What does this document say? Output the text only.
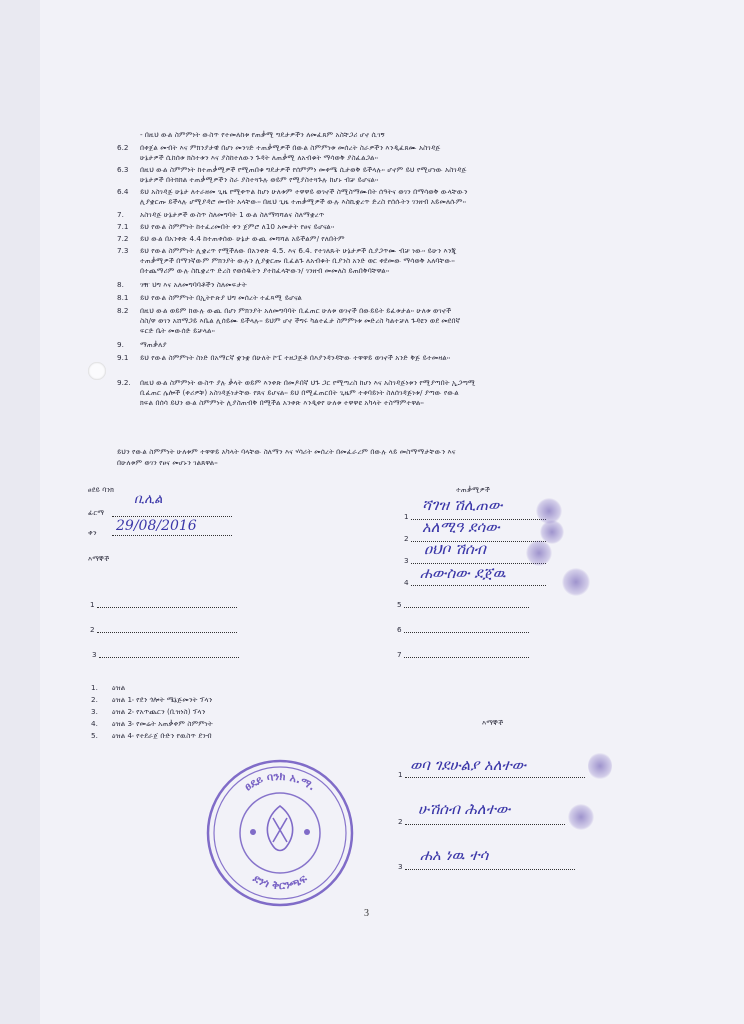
- በዚህ ውል ስምምነት ውስጥ የተመለከቱ የጠቃሚ ግዴታዎችን ለመፈጸም አስቸጋሪ ሆኖ ሲገኝ
6.2 በቀጀል መብት እና ምክንያታዊ በሆነ መንገድ ተጠቃሚዎች በውል ስምምነቱ መሰረት ስራዎችን እንዲፈጸሙ አስገዳጅ
ሁኔታዎች ሲከሰቱ ክስተቱን እና ያስከተለውን ጉዳት ለጠቃሚ ለአብቁት ማሳወቅ ያስፈልጋል፡፡
6.3 በዚህ ውል ስምምነት ከተጠቃሚዎች የሚጠበቁ ግዴታዎች የሰምምነ መቀሜ ሲታወቅ ይችላሉ፡፡ ሆኖም ይህ የሚሆነው አስገዳጅ
ሁኔታዎች በትክክል ተጠቃሚዎችን ስራ ያስተጓጉሉ ወይም የሚያስተጓጉሉ ከሆኑ ብቻ ይሆናል፡፡
6.4 ይህ አስገዳጅ ሁኔታ ለተራዘመ ጊዜ የሚቀጥል ከሆነ ሁለቱም ተዋዋይ ወገኖች ስሚስማሙበት ሰዓትና ወገን በማሳወቅ ውላቸውን
ሊያቋርጡ ይችላሉ ሆሚያዳሮ መብት አላቸው፡፡ በዚህ ጊዜ ተጠቃሚዎች ውሉ እስኪቋረጥ ድረስ የሰሱትን ገንዘብ አይመለሱም፡፡
7. አስገዳጅ ሁኔታዎች ውስጥ ስለመግባት 1 ውል ስለማሻሻልና ስለማቋረጥ
7.1 ይህ የውል ስምምነት ከተፈረመበት ቀን ጀምሮ ለ10 አመታት የፀና ይሆናል፡፡
7.2 ይህ ውል በአንቀጽ 4.4 ከተጠቀሰው ሁኔታ ውጪ መሻሻል አይችልም/ የለበትም
7.3 ይህ የውል ስምምነት ሊቋረጥ የሚችለው በአንቀጽ 4.5. እና 6.4. የተገለጹት ሁኔታዎች ሲያጋጥሙ ብቻ ነው፡፡ ይሁን እንጂ
ተጠቃሚዎች በማንኛውም ምክንያት ውሉን ሊያቋርጡ ቢፈልጉ ለአብቁት ቢያንስ አንድ ወር ቀደመው ማሳወቅ አለባቸው፡፡
በተጨማሪም ውሉ ስኪቋረጥ ድረስ የወሰዱትን ያተከፈላቸውን/ ገንዘብ መመለስ ይጠበቅባቸዋል፡፡
8. ገዥ ህግ እና አለመግባባቶችን ስለመፍታት
8.1 ይህ የውል ስምምነት በኢትዮጵያ ህግ መሰረት ተፈጻሚ ይሆናል
8.2 በዚህ ውል ወይም ከውሉ ውጪ በሆነ ምክንያት አለመግባባት ቢፈጠር ሁለቱ ወገኖች በውይይት ይፈቱታል፡፡ ሁለቱ ወገኖች
ስስ/ዋ ወገን አሸማጋይ እቤል ሊሰይሙ ይችላሉ፡፡ ይህም ሆኖ ችግሩ ካልተፈታ ስምምነቱ መድረስ ካልተቻለ ጉዳዩን ወደ መደበኛ
ፍርድ ቤት መውሰድ ይቻላል፡፡
9. ማጠቃለያ
9.1 ይህ የውል ስምምነት ስነድ በአማርኛ ቋንቋ በሁለት ኮፒ ተዘጋጅቶ በእያንዳንዳቸው ተዋዋይ ወገኖች አንድ ቅጅ ይተመዛል፡፡
9.2. በዚህ ውል ስምምነት ውስጥ ያሉ ቃላት ወይም እንቀጽ በመዶበኛ ህጉ ጋር የሚጣረስ ከሆነ እና አስገዳጅነቱን የሚያጣበት ኢጋጣሚ
ቢፈጠር ሌሎች (ቀሪዎቹ) አስገዳጅነታቸው የጸና ይሆናል፡፡ ይህ በሚፈጠርበት ጊዜም ተቀባይነት ስለሰገዳጅነቱ/ ያጣው የውል
ክፍል በሰሳ ይህን ውል ስምምነት ሊያስጠብቅ በሚችል አንቀጽ እንዲቀየ ሁለቱ ተዋዋዩ አካላት ተስማምተዋል፡፡
ይህን የውል ስምምነት ሁለቱም ተዋዋይ አካላት ባላቸው ስለማን እና ሃሳሪት መሰረት በመፈራረም በውሉ ላይ መስማማታቸውን እና
በሁለቱም ወገን የፀና መሆኑን ገልጸዋል፡፡
ፀደይ ባንክ
ፊርማ
ቢሊል
ቀን 29/08/2016
እማኞች
1
2
3
ተጠቃሚዎች
1
ሻገዝ ሽሊጠው
2
አለሚዓ ደሳው
3
ዐህቦ ሽሰብ
4
ሐውስው ደጀዉ
5
6
7
1. ዕዝል
2. ዕዝል 1፡ የደን ጎሎት ሜኔጅመንት ፕላን
3. ዕዝል 2፡ የአጥጨርን (ቢዝነስ) ፕላን
4. ዕዝል 3፡ የመሬት አጠቃቀም ስምምነት
5. ዕዝል 4፡ የተደራጀ ቡድን የዉስጥ ደንብ
እማኞች
1
ወባ ገደሁልያ አለተው
2
ሁሽሰብ ሕለተው
3
ሐአ ነዉ ተሳ
ፀደይ ባንክ አ.ማ.
ደንጎ ቅርንጫፍ
3
